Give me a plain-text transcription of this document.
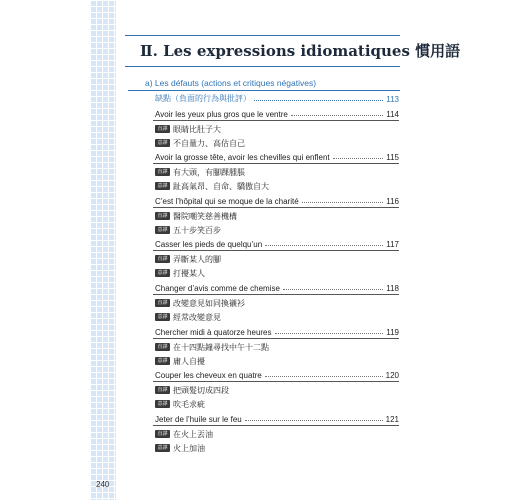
240
Ⅱ. Les expressions idiomatiques 慣用語
a) Les défauts (actions et critiques négatives)
缺點（負面的行為與批評）	113
Avoir les yeux plus gros que le ventre	114
直譯 眼睛比肚子大
意譯 不自量力、高估自己
Avoir la grosse tête, avoir les chevilles qui enflent	115
直譯 有大頭，有腳踝腫脹
意譯 趾高氣昂、自命、驕傲自大
C’est l’hôpital qui se moque de la charité	116
直譯 醫院嘲笑慈善機構
意譯 五十步笑百步
Casser les pieds de quelqu’un	117
直譯 弄斷某人的腳
意譯 打擾某人
Changer d’avis comme de chemise	118
直譯 改變意見如同換襯衫
意譯 經常改變意見
Chercher midi à quatorze heures	119
直譯 在十四點鐘尋找中午十二點
意譯 庸人自擾
Couper les cheveux en quatre	120
直譯 把頭髮切成四段
意譯 吹毛求疵
Jeter de l’huile sur le feu	121
直譯 在火上丟油
意譯 火上加油
